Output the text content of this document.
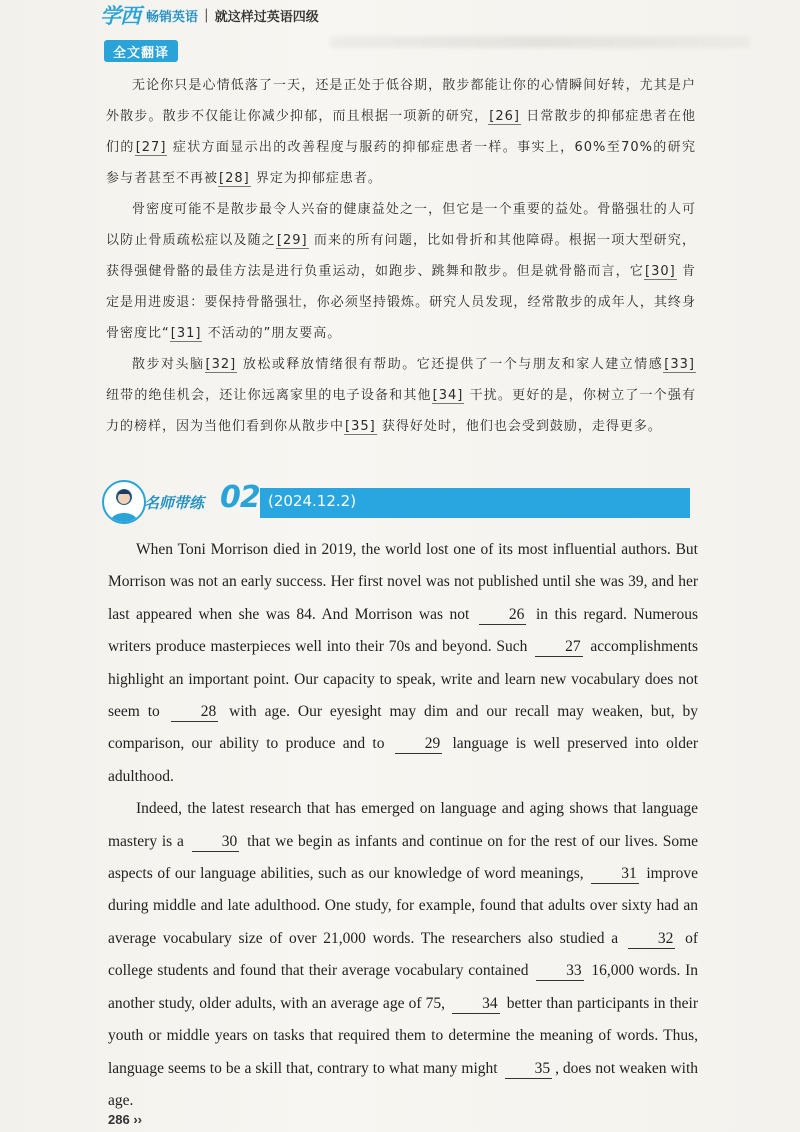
学西 畅销英语 | 就这样过英语四级
全文翻译

无论你只是心情低落了一天，还是正处于低谷期，散步都能让你的心情瞬间好转，尤其是户外散步。散步不仅能让你减少抑郁，而且根据一项新的研究，[26] 日常散步的抑郁症患者在他们的[27] 症状方面显示出的改善程度与服药的抑郁症患者一样。事实上，60%至70%的研究参与者甚至不再被[28] 界定为抑郁症患者。

骨密度可能不是散步最令人兴奋的健康益处之一，但它是一个重要的益处。骨骼强壮的人可以防止骨质疏松症以及随之[29] 而来的所有问题，比如骨折和其他障碍。根据一项大型研究，获得强健骨骼的最佳方法是进行负重运动，如跑步、跳舞和散步。但是就骨骼而言，它[30] 肯定是用进废退：要保持骨骼强壮，你必须坚持锻炼。研究人员发现，经常散步的成年人，其终身骨密度比“[31] 不活动的”朋友要高。

散步对头脑[32] 放松或释放情绪很有帮助。它还提供了一个与朋友和家人建立情感[33] 纽带的绝佳机会，还让你远离家里的电子设备和其他[34] 干扰。更好的是，你树立了一个强有力的榜样，因为当他们看到你从散步中[35] 获得好处时，他们也会受到鼓励，走得更多。

名师带练 02 (2024.12.2)

When Toni Morrison died in 2019, the world lost one of its most influential authors. But Morrison was not an early success. Her first novel was not published until she was 39, and her last appeared when she was 84. And Morrison was not	26 in this regard. Numerous writers produce masterpieces well into their 70s and beyond. Such 27 accomplishments highlight an important point. Our capacity to speak, write and learn new vocabulary does not seem to	28 with age. Our eyesight may dim and our recall may weaken, but, by comparison, our ability to produce and to	29 language is well preserved into older adulthood.

Indeed, the latest research that has emerged on language and aging shows that language mastery is a 30 that we begin as infants and continue on for the rest of our lives. Some aspects of our language abilities, such as our knowledge of word meanings, 31 improve during middle and late adulthood. One study, for example, found that adults over sixty had an average vocabulary size of over 21,000 words. The researchers also studied a	32 of college students and found that their average vocabulary contained 33 16,000 words. In another study, older adults, with an average age of 75, 34 better than participants in their youth or middle years on tasks that required them to determine the meaning of words. Thus, language seems to be a skill that, contrary to what many might 35 , does not weaken with age.

286 ››
